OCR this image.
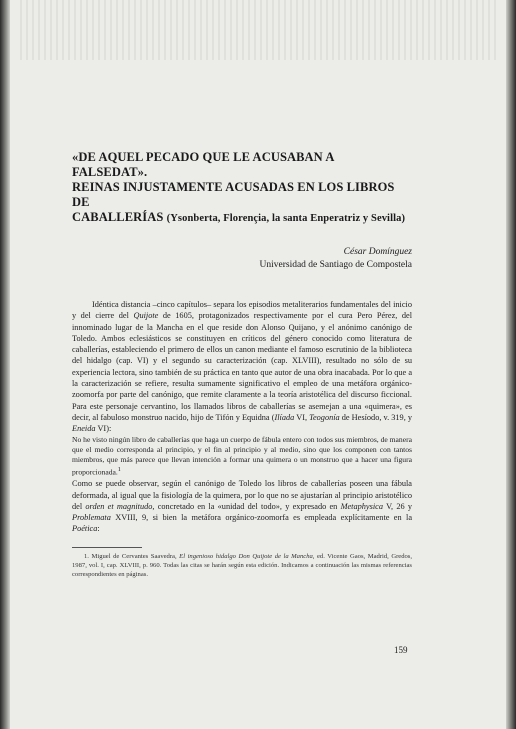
«DE AQUEL PECADO QUE LE ACUSABAN A FALSEDAT».
REINAS INJUSTAMENTE ACUSADAS EN LOS LIBROS DE
CABALLERÍAS (Ysonberta, Florençia, la santa Enperatriz y Sevilla)
César Domínguez
Universidad de Santiago de Compostela

Idéntica distancia –cinco capítulos– separa los episodios metaliterarios fundamentales del inicio y del cierre del Quijote de 1605, protagonizados respectivamente por el cura Pero Pérez, del innominado lugar de la Mancha en el que reside don Alonso Quijano, y el anónimo canónigo de Toledo. Ambos eclesiásticos se constituyen en críticos del género conocido como literatura de caballerías, estableciendo el primero de ellos un canon mediante el famoso escrutinio de la biblioteca del hidalgo (cap. VI) y el segundo su caracterización (cap. XLVIII), resultado no sólo de su experiencia lectora, sino también de su práctica en tanto que autor de una obra inacabada. Por lo que a la caracterización se refiere, resulta sumamente significativo el empleo de una metáfora orgánico-zoomorfa por parte del canónigo, que remite claramente a la teoría aristotélica del discurso ficcional. Para este personaje cervantino, los llamados libros de caballerías se asemejan a una «quimera», es decir, al fabuloso monstruo nacido, hijo de Tifón y Equidna (Ilíada VI, Teogonía de Hesíodo, v. 319, y Eneida VI):

No he visto ningún libro de caballerías que haga un cuerpo de fábula entero con todos sus miembros, de manera que el medio corresponda al principio, y el fin al principio y al medio, sino que los componen con tantos miembros, que más parece que llevan intención a formar una quimera o un monstruo que a hacer una figura proporcionada.$^1$

Como se puede observar, según el canónigo de Toledo los libros de caballerías poseen una fábula deformada, al igual que la fisiología de la quimera, por lo que no se ajustarían al principio aristotélico del orden et magnitudo, concretado en la «unidad del todo», y expresado en Metaphysica V, 26 y Problemata XVIII, 9, si bien la metáfora orgánico-zoomorfa es empleada explícitamente en la Poética:

1. Miguel de Cervantes Saavedra, El ingenioso hidalgo Don Quijote de la Mancha, ed. Vicente Gaos, Madrid, Gredos, 1987, vol. I, cap. XLVIII, p. 960. Todas las citas se harán según esta edición. Indicamos a continuación las mismas referencias correspondientes en páginas.

159
